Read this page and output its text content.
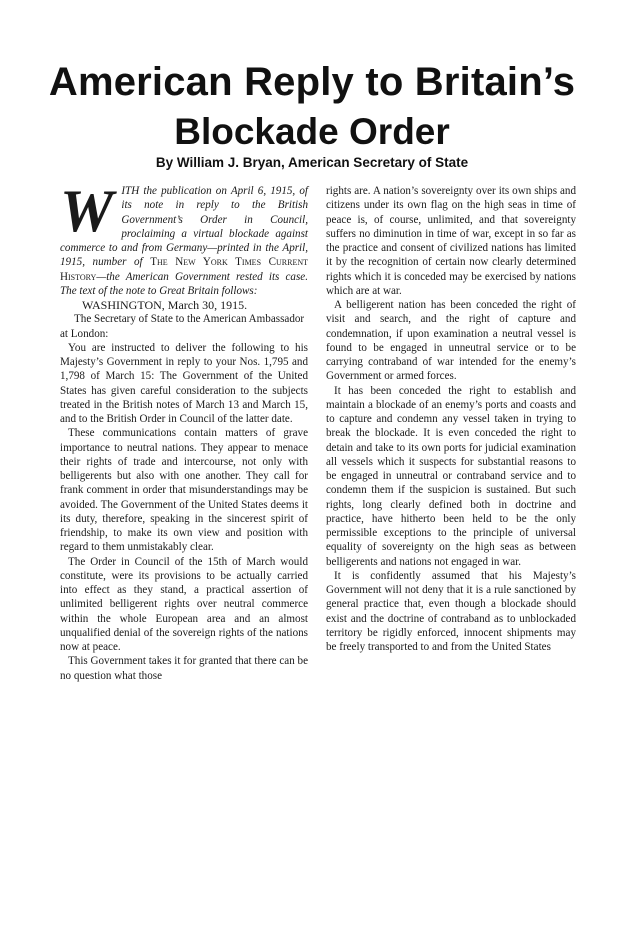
American Reply to Britain’s
Blockade Order
By William J. Bryan, American Secretary of State

WITH the publication on April 6, 1915, of its note in reply to the British Government’s Order in Council, proclaiming a virtual blockade against commerce to and from Germany—printed in the April, 1915, number of The New York Times Current History—the American Government rested its case. The text of the note to Great Britain follows:

WASHINGTON, March 30, 1915.

The Secretary of State to the American Ambassador at London:

You are instructed to deliver the following to his Majesty’s Government in reply to your Nos. 1,795 and 1,798 of March 15: The Government of the United States has given careful consideration to the subjects treated in the British notes of March 13 and March 15, and to the British Order in Council of the latter date.

These communications contain matters of grave importance to neutral nations. They appear to menace their rights of trade and intercourse, not only with belligerents but also with one another. They call for frank comment in order that misunderstandings may be avoided. The Government of the United States deems it its duty, therefore, speaking in the sincerest spirit of friendship, to make its own view and position with regard to them unmistakably clear.

The Order in Council of the 15th of March would constitute, were its provisions to be actually carried into effect as they stand, a practical assertion of unlimited belligerent rights over neutral commerce within the whole European area and an almost unqualified denial of the sovereign rights of the nations now at peace.

This Government takes it for granted that there can be no question what those

rights are. A nation’s sovereignty over its own ships and citizens under its own flag on the high seas in time of peace is, of course, unlimited, and that sovereignty suffers no diminution in time of war, except in so far as the practice and consent of civilized nations has limited it by the recognition of certain now clearly determined rights which it is conceded may be exercised by nations which are at war.

A belligerent nation has been conceded the right of visit and search, and the right of capture and condemnation, if upon examination a neutral vessel is found to be engaged in unneutral service or to be carrying contraband of war intended for the enemy’s Government or armed forces.

It has been conceded the right to establish and maintain a blockade of an enemy’s ports and coasts and to capture and condemn any vessel taken in trying to break the blockade. It is even conceded the right to detain and take to its own ports for judicial examination all vessels which it suspects for substantial reasons to be engaged in unneutral or contraband service and to condemn them if the suspicion is sustained. But such rights, long clearly defined both in doctrine and practice, have hitherto been held to be the only permissible exceptions to the principle of universal equality of sovereignty on the high seas as between belligerents and nations not engaged in war.

It is confidently assumed that his Majesty’s Government will not deny that it is a rule sanctioned by general practice that, even though a blockade should exist and the doctrine of contraband as to unblockaded territory be rigidly enforced, innocent shipments may be freely transported to and from the United States
